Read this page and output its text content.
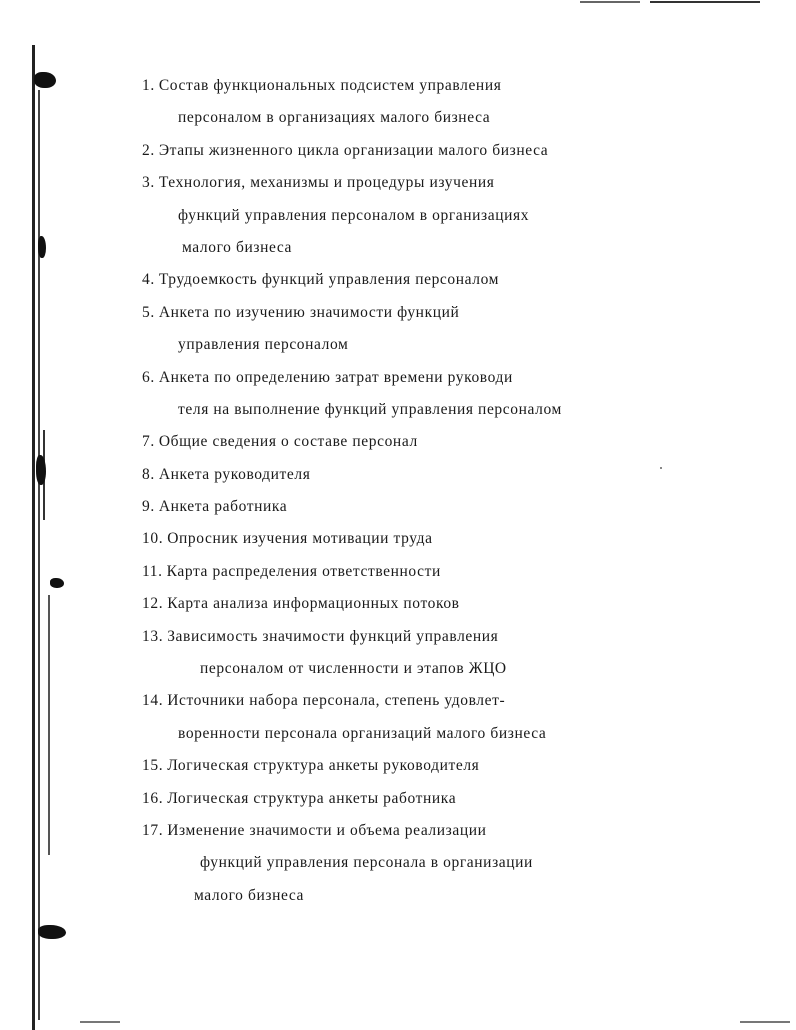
1. Состав функциональных подсистем управления
персоналом в организациях малого бизнеса
2. Этапы жизненного цикла организации малого бизнеса
3. Технология, механизмы и процедуры изучения
функций управления персоналом в организациях
малого бизнеса
4. Трудоемкость функций управления персоналом
5. Анкета по изучению значимости функций
управления персоналом
6. Анкета по определению затрат времени руководи
теля на выполнение функций управления персоналом
7. Общие сведения о составе персонал
8. Анкета руководителя
9. Анкета работника
10. Опросник изучения мотивации труда
11. Карта распределения ответственности
12. Карта анализа информационных потоков
13. Зависимость значимости функций управления
персоналом от численности и этапов ЖЦО
14. Источники набора персонала, степень удовлет-
воренности персонала организаций малого бизнеса
15. Логическая структура анкеты руководителя
16. Логическая структура анкеты работника
17. Изменение значимости и объема реализации
функций управления персонала в организации
малого бизнеса
